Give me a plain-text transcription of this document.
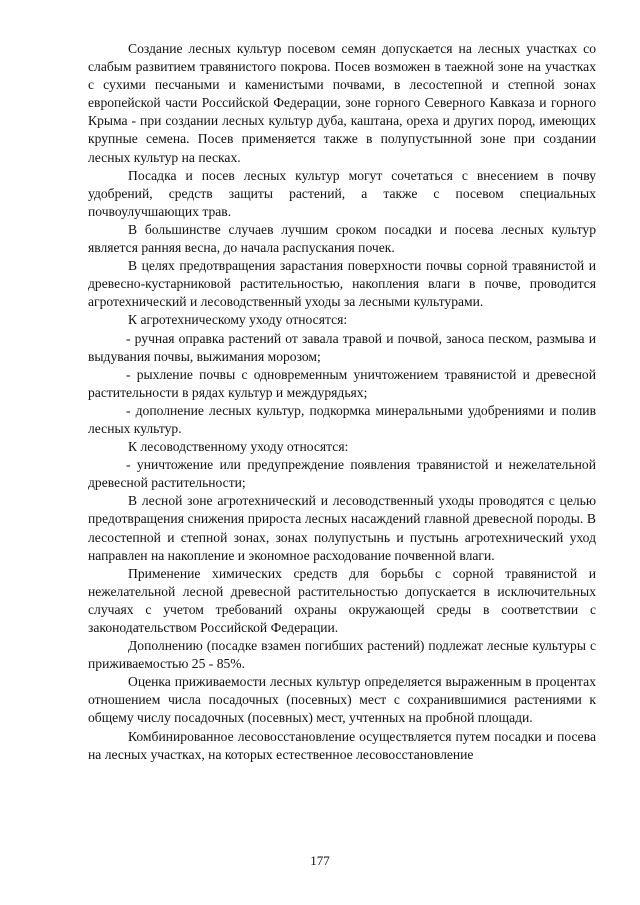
Создание лесных культур посевом семян допускается на лесных участках со слабым развитием травянистого покрова. Посев возможен в таежной зоне на участках с сухими песчаными и каменистыми почвами, в лесостепной и степной зонах европейской части Российской Федерации, зоне горного Северного Кавказа и горного Крыма - при создании лесных культур дуба, каштана, ореха и других пород, имеющих крупные семена. Посев применяется также в полупустынной зоне при создании лесных культур на песках.

Посадка и посев лесных культур могут сочетаться с внесением в почву удобрений, средств защиты растений, а также с посевом специальных почвоулучшающих трав.

В большинстве случаев лучшим сроком посадки и посева лесных культур является ранняя весна, до начала распускания почек.

В целях предотвращения зарастания поверхности почвы сорной травянистой и древесно-кустарниковой растительностью, накопления влаги в почве, проводится агротехнический и лесоводственный уходы за лесными культурами.

К агротехническому уходу относятся:

- ручная оправка растений от завала травой и почвой, заноса песком, размыва и выдувания почвы, выжимания морозом;

- рыхление почвы с одновременным уничтожением травянистой и древесной растительности в рядах культур и междурядьях;

- дополнение лесных культур, подкормка минеральными удобрениями и полив лесных культур.

К лесоводственному уходу относятся:

- уничтожение или предупреждение появления травянистой и нежелательной древесной растительности;

В лесной зоне агротехнический и лесоводственный уходы проводятся с целью предотвращения снижения прироста лесных насаждений главной древесной породы. В лесостепной и степной зонах, зонах полупустынь и пустынь агротехнический уход направлен на накопление и экономное расходование почвенной влаги.

Применение химических средств для борьбы с сорной травянистой и нежелательной лесной древесной растительностью допускается в исключительных случаях с учетом требований охраны окружающей среды в соответствии с законодательством Российской Федерации.

Дополнению (посадке взамен погибших растений) подлежат лесные культуры с приживаемостью 25 - 85%.

Оценка приживаемости лесных культур определяется выраженным в процентах отношением числа посадочных (посевных) мест с сохранившимися растениями к общему числу посадочных (посевных) мест, учтенных на пробной площади.

Комбинированное лесовосстановление осуществляется путем посадки и посева на лесных участках, на которых естественное лесовосстановление

177
